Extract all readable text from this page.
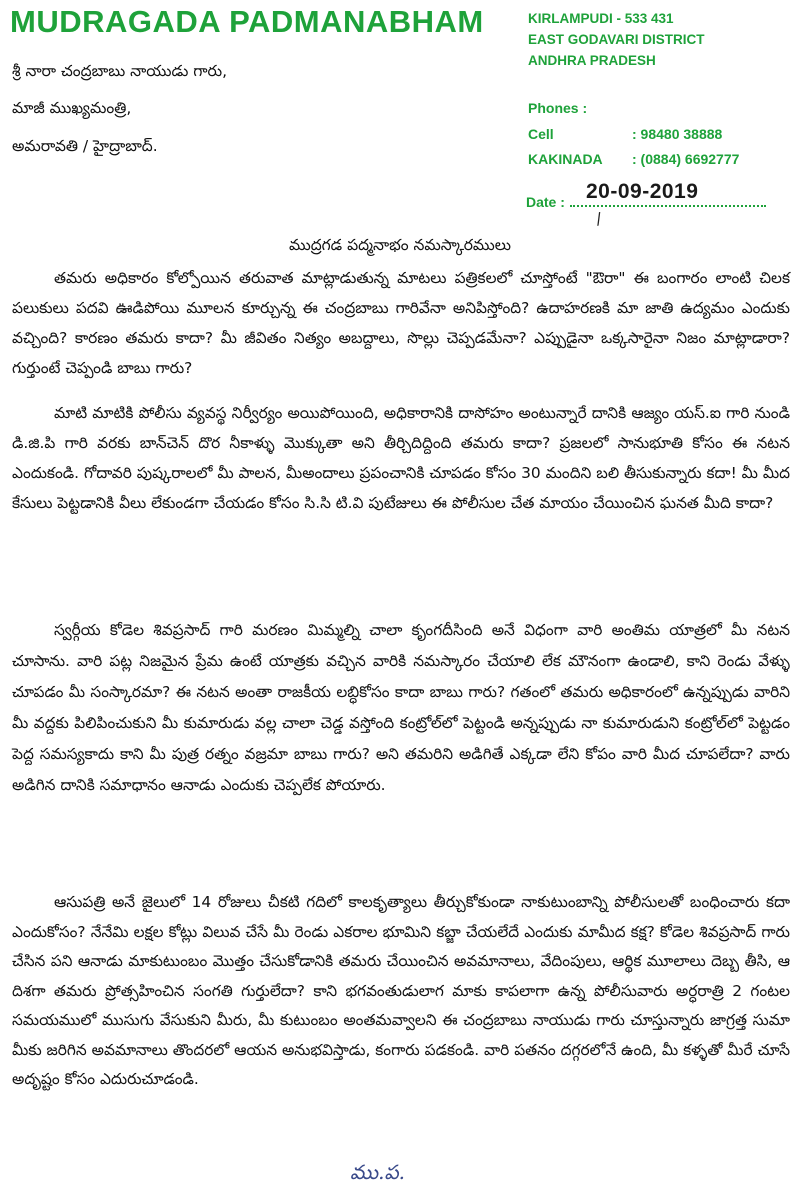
MUDRAGADA PADMANABHAM	KIRLAMPUDI - 533 431
EAST GODAVARI DISTRICT
ANDHRA PRADESH
Phones :
Cell	: 98480 38888
KAKINADA : (0884) 6692777
Date : 20-09-2019
/
శ్రీ నారా చంద్రబాబు నాయుడు గారు,
మాజీ ముఖ్యమంత్రి,
అమరావతి / హైద్రాబాద్.
ముద్రగడ పద్మనాభం నమస్కారములు
తమరు అధికారం కోల్పోయిన తరువాత మాట్లాడుతున్న మాటలు పత్రికలలో చూస్తోంటే "ఔరా" ఈ బంగారం లాంటి చిలక పలుకులు పదవి ఊడిపోయి మూలన కూర్చున్న ఈ చంద్రబాబు గారివేనా అనిపిస్తోంది? ఉదాహరణకి మా జాతి ఉద్యమం ఎందుకు వచ్చింది? కారణం తమరు కాదా? మీ జీవితం నిత్యం అబద్దాలు, సొల్లు చెప్పడమేనా? ఎప్పుడైనా ఒక్కసారైనా నిజం మాట్లాడారా? గుర్తుంటే చెప్పండి బాబు గారు?
మాటి మాటికి పోలీసు వ్యవస్థ నిర్వీర్యం అయిపోయింది, అధికారానికి దాసోహం అంటున్నారే దానికి ఆజ్యం యస్.ఐ గారి నుండి డి.జి.పి గారి వరకు బాన్‌చెన్ దొర నీకాళ్ళు మొక్కుతా అని తీర్చిదిద్దింది తమరు కాదా? ప్రజలలో సానుభూతి కోసం ఈ నటన ఎందుకండి. గోదావరి పుష్కరాలలో మీ పాలన, మీఅందాలు ప్రపంచానికి చూపడం కోసం 30 మందిని బలి తీసుకున్నారు కదా! మీ మీద కేసులు పెట్టడానికి వీలు లేకుండగా చేయడం కోసం సి.సి టి.వి పుటేజులు ఈ పోలీసుల చేత మాయం చేయించిన ఘనత మీది కాదా?
స్వర్గీయ కోడెల శివప్రసాద్ గారి మరణం మిమ్మల్ని చాలా కృంగదీసింది అనే విధంగా వారి అంతిమ యాత్రలో మీ నటన చూసాను. వారి పట్ల నిజమైన ప్రేమ ఉంటే యాత్రకు వచ్చిన వారికి నమస్కారం చేయాలి లేక మౌనంగా ఉండాలి, కాని రెండు వేళ్ళు చూపడం మీ సంస్కారమా? ఈ నటన అంతా రాజకీయ లబ్ధికోసం కాదా బాబు గారు? గతంలో తమరు అధికారంలో ఉన్నప్పుడు వారిని మీ వద్దకు పిలిపించుకుని మీ కుమారుడు వల్ల చాలా చెడ్డ వస్తోంది కంట్రోల్‌లో పెట్టండి అన్నప్పుడు నా కుమారుడుని కంట్రోల్‌లో పెట్టడం పెద్ద సమస్యకాదు కాని మీ పుత్ర రత్నం వజ్రమా బాబు గారు? అని తమరిని అడిగితే ఎక్కడా లేని కోపం వారి మీద చూపలేదా? వారు అడిగిన దానికి సమాధానం ఆనాడు ఎందుకు చెప్పలేక పోయారు.
ఆసుపత్రి అనే జైలులో 14 రోజులు చీకటి గదిలో కాలకృత్యాలు తీర్చుకోకుండా నాకుటుంబాన్ని పోలీసులతో బంధించారు కదా ఎందుకోసం? నేనేమి లక్షల కోట్లు విలువ చేసే మీ రెండు ఎకరాల భూమిని కబ్జా చేయలేదే ఎందుకు మామీద కక్ష? కోడెల శివప్రసాద్ గారు చేసిన పని ఆనాడు మాకుటుంబం మొత్తం చేసుకోడానికి తమరు చేయించిన అవమానాలు, వేదింపులు, ఆర్థిక మూలాలు దెబ్బ తీసి, ఆ దిశగా తమరు ప్రోత్సహించిన సంగతి గుర్తులేదా? కాని భగవంతుడులాగ మాకు కాపలాగా ఉన్న పోలీసువారు అర్ధరాత్రి 2 గంటల సమయములో ముసుగు వేసుకుని మీరు, మీ కుటుంబం అంతమవ్వాలని ఈ చంద్రబాబు నాయుడు గారు చూస్తున్నారు జాగ్రత్త సుమా మీకు జరిగిన అవమానాలు తొందరలో ఆయన అనుభవిస్తాడు, కంగారు పడకండి. వారి పతనం దగ్గరలోనే ఉంది, మీ కళ్ళతో మీరే చూసే అదృష్టం కోసం ఎదురుచూడండి.
ము.ప.
